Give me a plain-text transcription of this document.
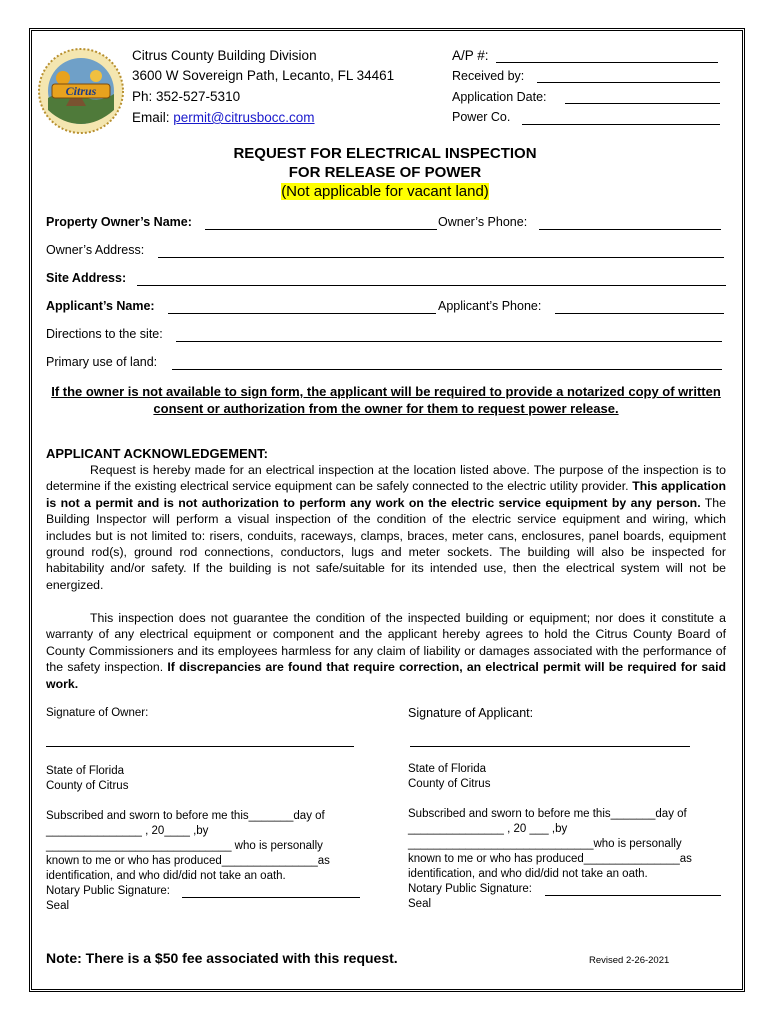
Citrus
Citrus County Building Division
3600 W Sovereign Path, Lecanto, FL 34461
Ph: 352-527-5310
Email: permit@citrusbocc.com
A/P #:
Received by:
Application Date:
Power Co.
REQUEST FOR ELECTRICAL INSPECTION
FOR RELEASE OF POWER
(Not applicable for vacant land)
Property Owner’s Name:	Owner’s Phone:
Owner’s Address:
Site Address:
Applicant’s Name:	Applicant’s Phone:
Directions to the site:
Primary use of land:
If the owner is not available to sign form, the applicant will be required to provide a notarized copy of written consent or authorization from the owner for them to request power release.
APPLICANT ACKNOWLEDGEMENT:
Request is hereby made for an electrical inspection at the location listed above. The purpose of the inspection is to determine if the existing electrical service equipment can be safely connected to the electric utility provider. This application is not a permit and is not authorization to perform any work on the electric service equipment by any person. The Building Inspector will perform a visual inspection of the condition of the electric service equipment and wiring, which includes but is not limited to: risers, conduits, raceways, clamps, braces, meter cans, enclosures, panel boards, equipment ground rod(s), ground rod connections, conductors, lugs and meter sockets. The building will also be inspected for habitability and/or safety. If the building is not safe/suitable for its intended use, then the electrical system will not be energized.
This inspection does not guarantee the condition of the inspected building or equipment; nor does it constitute a warranty of any electrical equipment or component and the applicant hereby agrees to hold the Citrus County Board of County Commissioners and its employees harmless for any claim of liability or damages associated with the performance of the safety inspection. If discrepancies are found that require correction, an electrical permit will be required for said work.
Signature of Owner:
State of Florida
County of Citrus
Subscribed and sworn to before me this_______day of
_______________ , 20____ ,by
_____________________________ who is personally
known to me or who has produced_______________as
identification, and who did/did not take an oath.
Notary Public Signature:
Seal
Signature of Applicant:
State of Florida
County of Citrus
Subscribed and sworn to before me this_______day of
_______________ , 20 ___ ,by
_____________________________who is personally
known to me or who has produced_______________as
identification, and who did/did not take an oath.
Notary Public Signature:
Seal
Note: There is a $50 fee associated with this request.	Revised 2-26-2021
